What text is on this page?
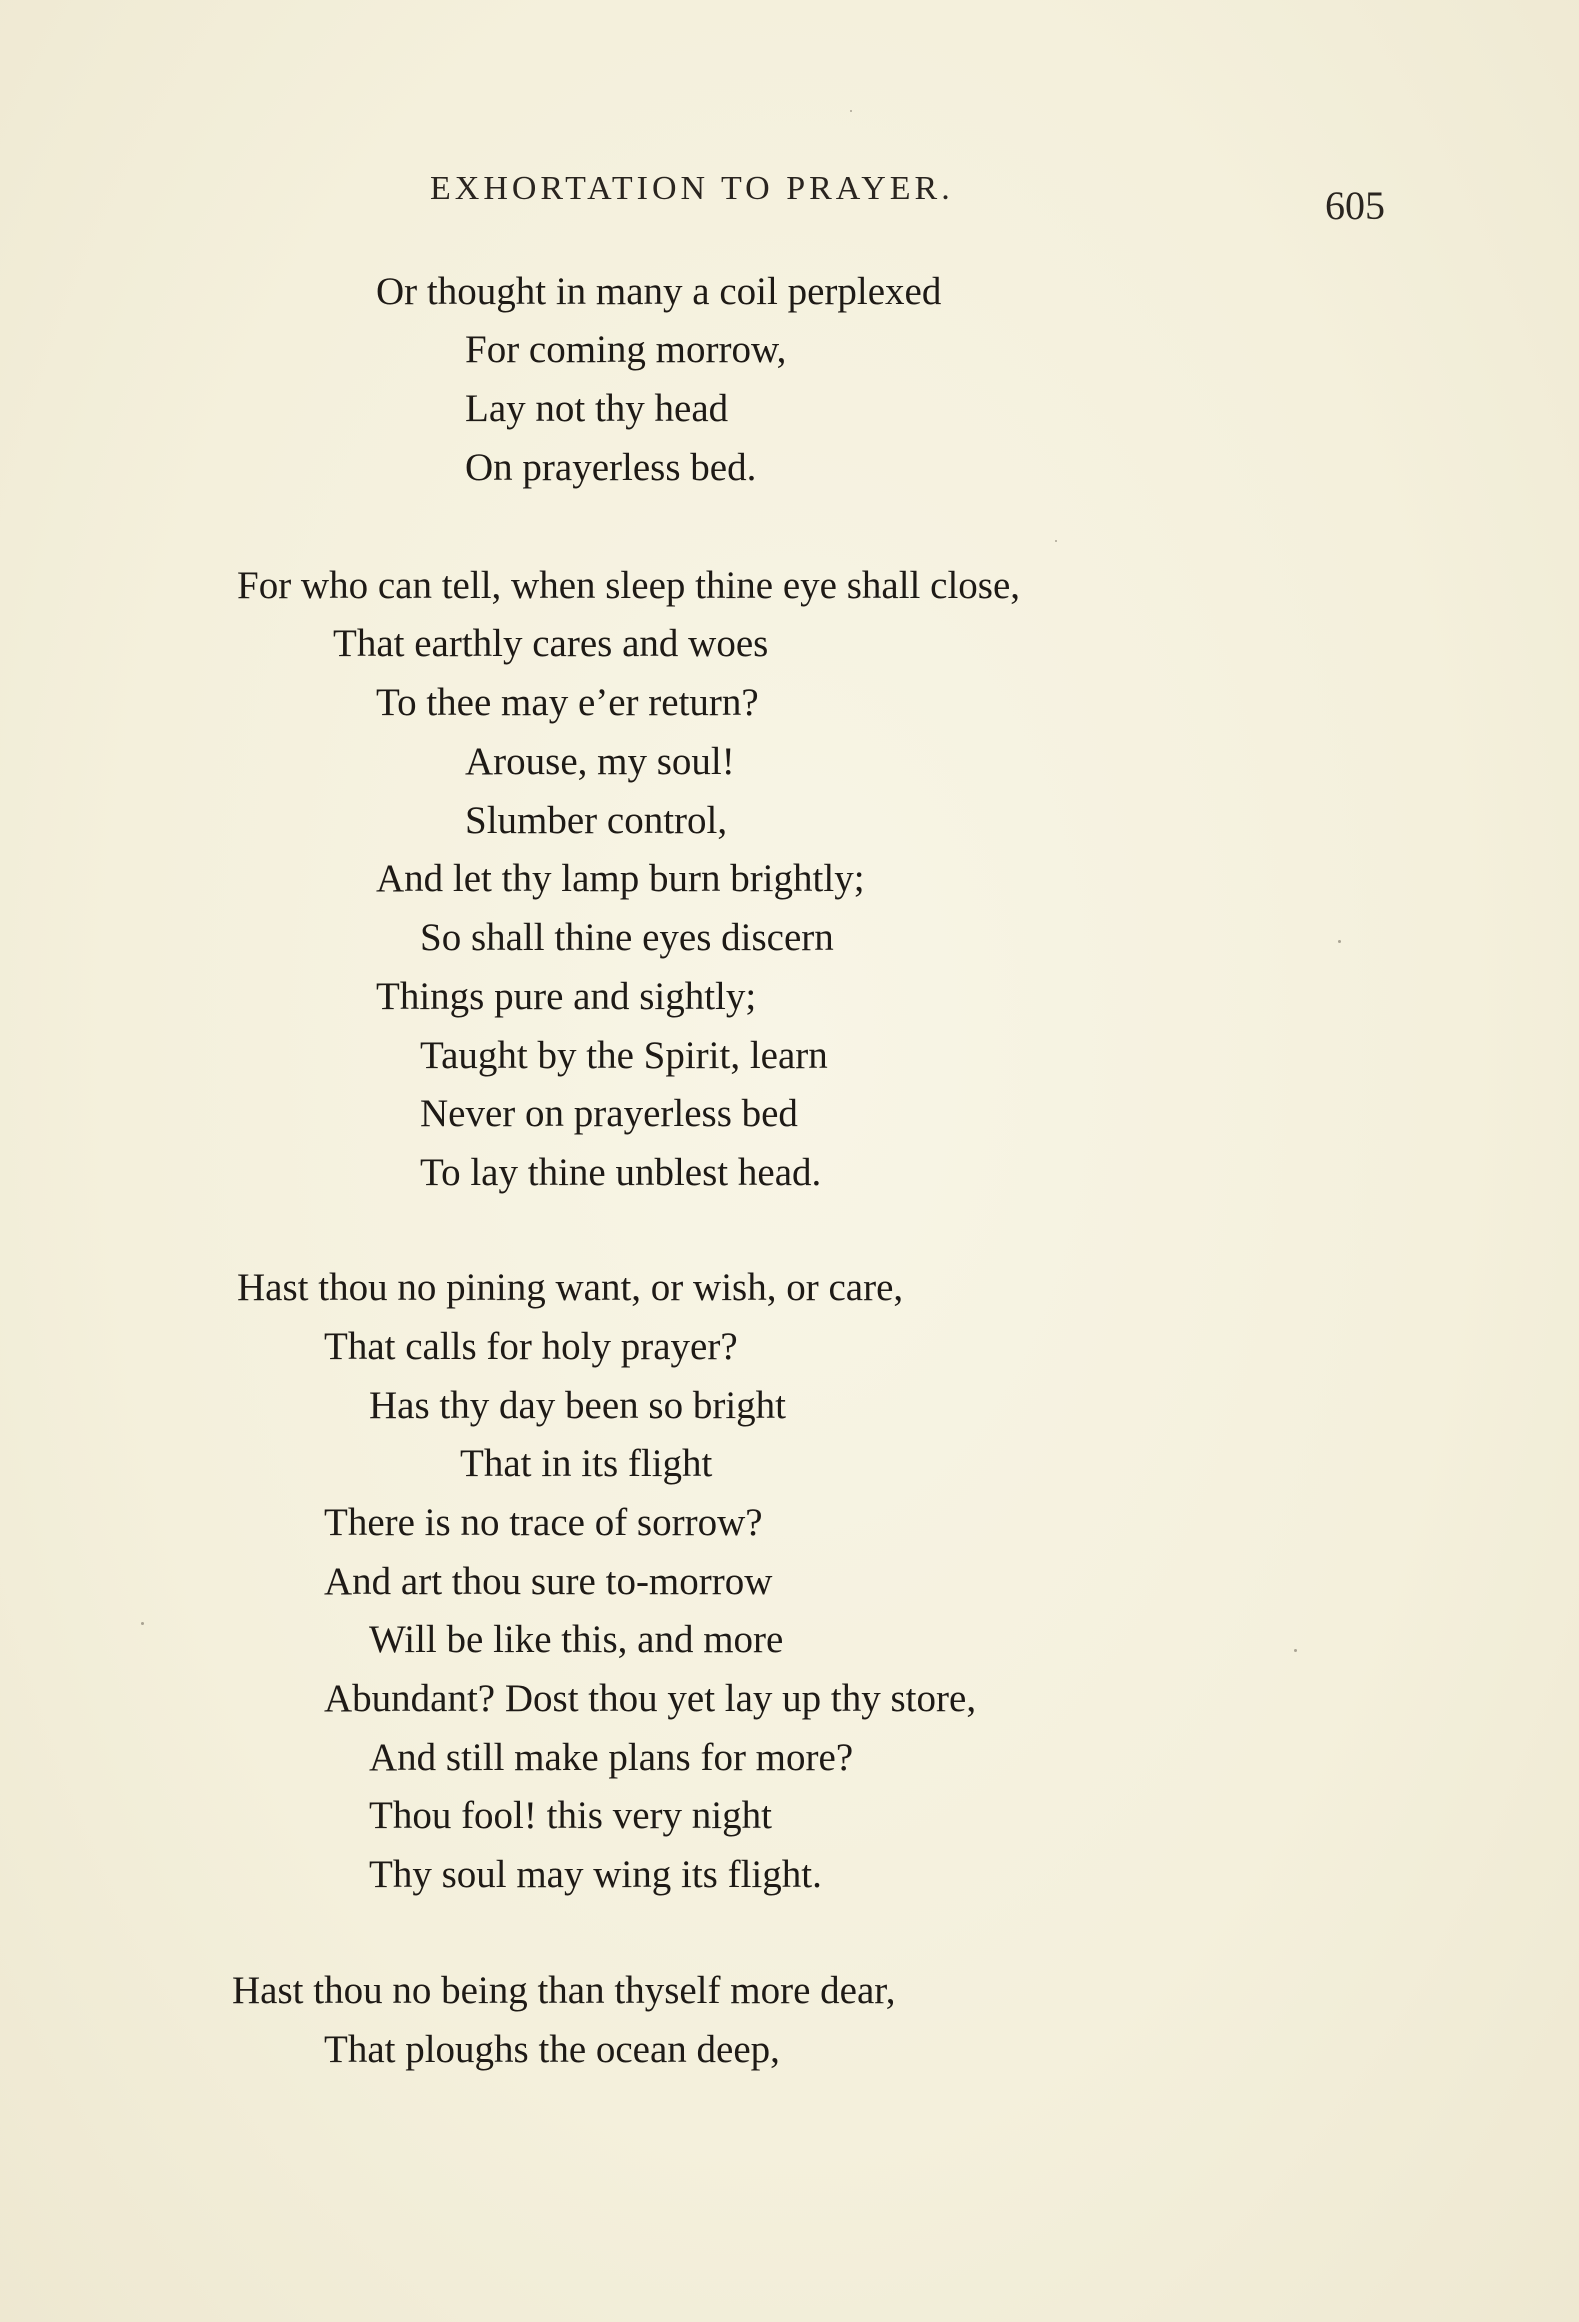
EXHORTATION TO PRAYER.	605
Or thought in many a coil perplexed
For coming morrow,
Lay not thy head
On prayerless bed.
For who can tell, when sleep thine eye shall close,
That earthly cares and woes
To thee may e’er return?
Arouse, my soul!
Slumber control,
And let thy lamp burn brightly;
So shall thine eyes discern
Things pure and sightly;
Taught by the Spirit, learn
Never on prayerless bed
To lay thine unblest head.
Hast thou no pining want, or wish, or care,
That calls for holy prayer?
Has thy day been so bright
That in its flight
There is no trace of sorrow?
And art thou sure to-morrow
Will be like this, and more
Abundant? Dost thou yet lay up thy store,
And still make plans for more?
Thou fool! this very night
Thy soul may wing its flight.
Hast thou no being than thyself more dear,
That ploughs the ocean deep,
